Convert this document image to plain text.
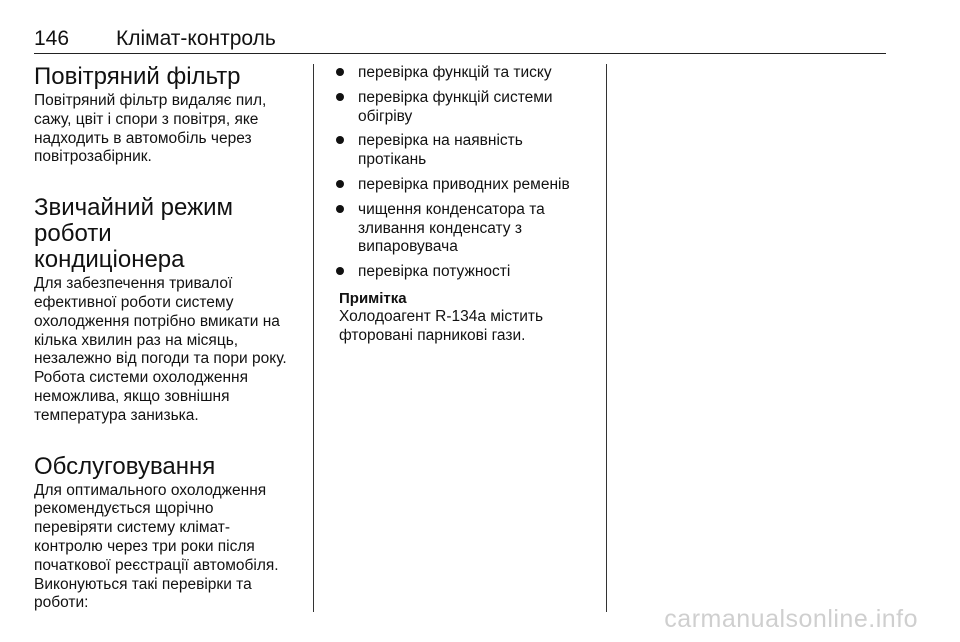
146 Клімат-контроль
Повітряний фільтр

Повітряний фільтр видаляє пил,
сажу, цвіт і спори з повітря, яке
надходить в автомобіль через
повітрозабірник.

Звичайний режим роботи
кондиціонера

Для забезпечення тривалої
ефективної роботи систему
охолодження потрібно вмикати на
кілька хвилин раз на місяць,
незалежно від погоди та пори року.
Робота системи охолодження
неможлива, якщо зовнішня
температура занизька.

Обслуговування

Для оптимального охолодження
рекомендується щорічно
перевіряти систему клімат-
контролю через три роки після
початкової реєстрації автомобіля.
Виконуються такі перевірки та
роботи:

перевірка функцій та тиску
перевірка функцій системи
обігріву
перевірка на наявність
протікань
перевірка приводних ременів
чищення конденсатора та
зливання конденсату з
випаровувача
перевірка потужності
Примітка
Холодоагент R-134a містить
фторовані парникові гази.
carmanualsonline.info
